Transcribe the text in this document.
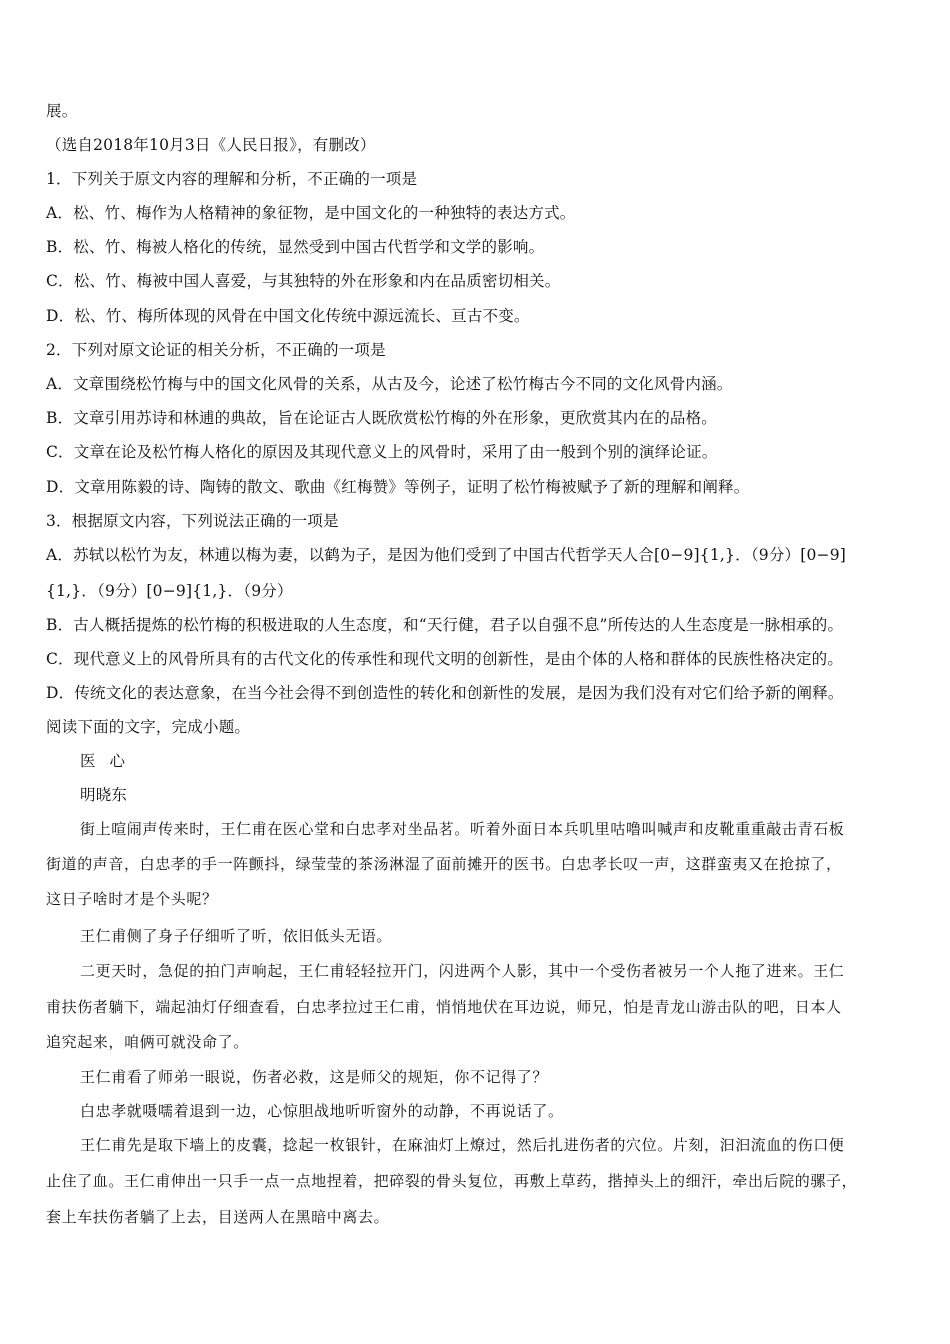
展。
（选自2018年10月3日《人民日报》，有删改）
1．下列关于原文内容的理解和分析，不正确的一项是
A．松、竹、梅作为人格精神的象征物，是中国文化的一种独特的表达方式。
B．松、竹、梅被人格化的传统，显然受到中国古代哲学和文学的影响。
C．松、竹、梅被中国人喜爱，与其独特的外在形象和内在品质密切相关。
D．松、竹、梅所体现的风骨在中国文化传统中源远流长、亘古不变。
2．下列对原文论证的相关分析，不正确的一项是
A．文章围绕松竹梅与中的国文化风骨的关系，从古及今，论述了松竹梅古今不同的文化风骨内涵。
B．文章引用苏诗和林逋的典故，旨在论证古人既欣赏松竹梅的外在形象，更欣赏其内在的品格。
C．文章在论及松竹梅人格化的原因及其现代意义上的风骨时，采用了由一般到个别的演绎论证。
D．文章用陈毅的诗、陶铸的散文、歌曲《红梅赞》等例子，证明了松竹梅被赋予了新的理解和阐释。
3．根据原文内容，下列说法正确的一项是
A．苏轼以松竹为友，林逋以梅为妻，以鹤为子，是因为他们受到了中国古代哲学天人合[0−9]{1,}．（9分）[0−9]
{1,}．（9分）[0−9]{1,}．（9分）
B．古人概括提炼的松竹梅的积极进取的人生态度，和“天行健，君子以自强不息”所传达的人生态度是一脉相承的。
C．现代意义上的风骨所具有的古代文化的传承性和现代文明的创新性，是由个体的人格和群体的民族性格决定的。
D．传统文化的表达意象，在当今社会得不到创造性的转化和创新性的发展，是因为我们没有对它们给予新的阐释。
阅读下面的文字，完成小题。
医心
明晓东
街上喧闹声传来时，王仁甫在医心堂和白忠孝对坐品茗。听着外面日本兵叽里咕噜叫喊声和皮靴重重敲击青石板
街道的声音，白忠孝的手一阵颤抖，绿莹莹的茶汤淋湿了面前摊开的医书。白忠孝长叹一声，这群蛮夷又在抢掠了，
这日子啥时才是个头呢？
王仁甫侧了身子仔细听了听，依旧低头无语。
二更天时，急促的拍门声响起，王仁甫轻轻拉开门，闪进两个人影，其中一个受伤者被另一个人拖了进来。王仁
甫扶伤者躺下，端起油灯仔细查看，白忠孝拉过王仁甫，悄悄地伏在耳边说，师兄，怕是青龙山游击队的吧，日本人
追究起来，咱俩可就没命了。
王仁甫看了师弟一眼说，伤者必救，这是师父的规矩，你不记得了？
白忠孝就嗫嚅着退到一边，心惊胆战地听听窗外的动静，不再说话了。
王仁甫先是取下墙上的皮囊，捻起一枚银针，在麻油灯上燎过，然后扎进伤者的穴位。片刻，汩汩流血的伤口便
止住了血。王仁甫伸出一只手一点一点地捏着，把碎裂的骨头复位，再敷上草药，揩掉头上的细汗，牵出后院的骡子，
套上车扶伤者躺了上去，目送两人在黑暗中离去。
